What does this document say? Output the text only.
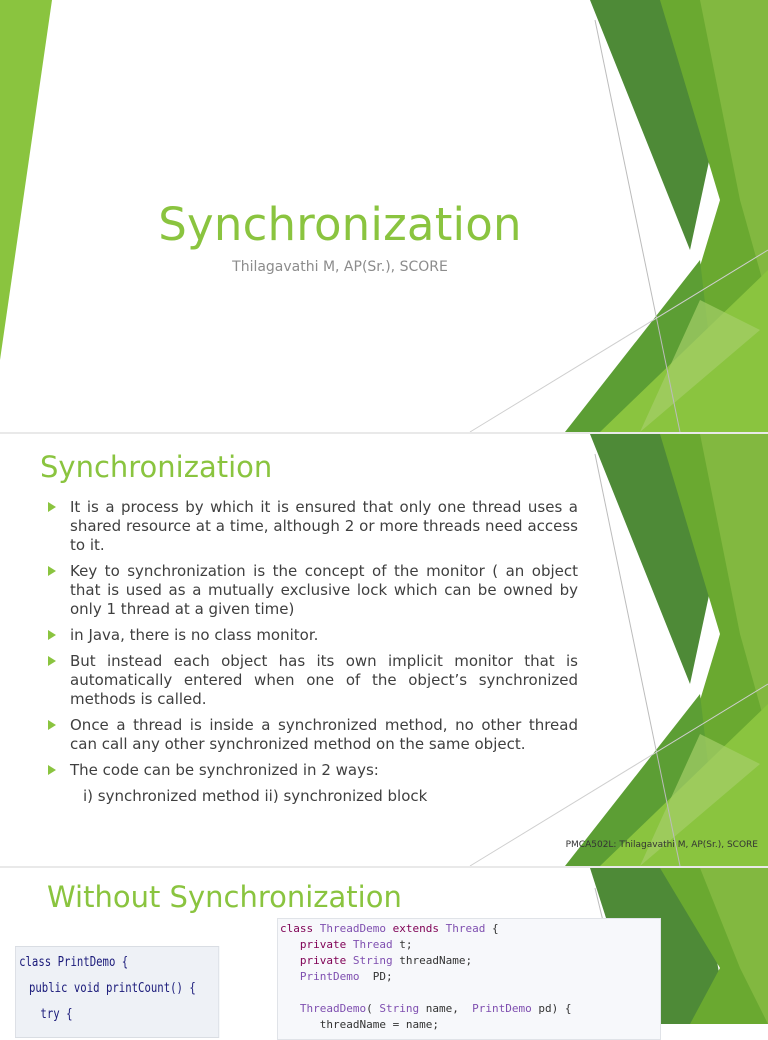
Synchronization
Thilagavathi M, AP(Sr.), SCORE
Synchronization
It is a process by which it is ensured that only one thread uses a shared resource at a time, although 2 or more threads need access to it.
Key to synchronization is the concept of the monitor ( an object that is used as a mutually exclusive lock which can be owned by only 1 thread at a given time)
in Java, there is no class monitor.
But instead each object has its own implicit monitor that is automatically entered when one of the object’s synchronized methods is called.
Once a thread is inside a synchronized method, no other thread can call any other synchronized method on the same object.
The code can be synchronized in 2 ways:
i) synchronized method ii) synchronized block
PMCA502L: Thilagavathi M, AP(Sr.), SCORE
Without Synchronization
class PrintDemo {
public void printCount() {
try {
class ThreadDemo extends Thread {
private Thread t;
private String threadName;
PrintDemo  PD;

ThreadDemo( String name,  PrintDemo pd) {
threadName = name;
